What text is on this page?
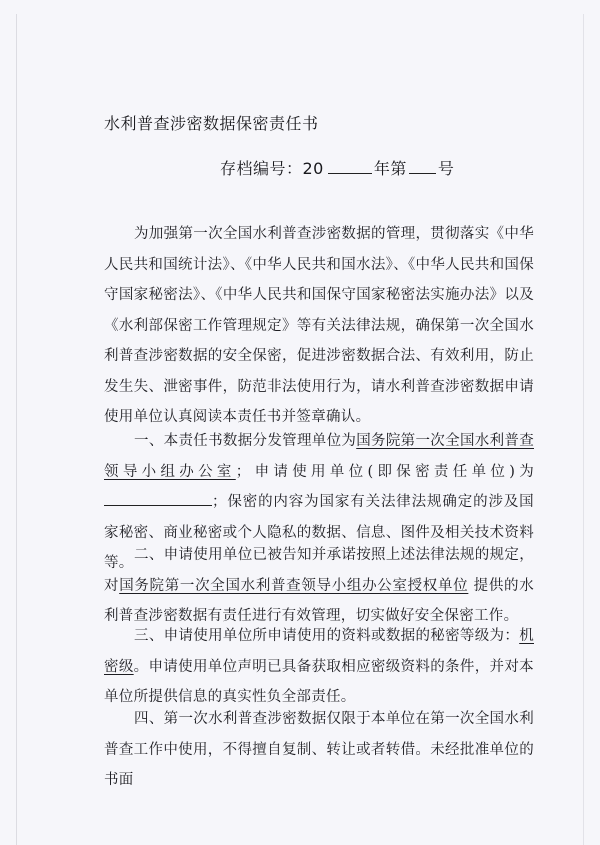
水利普查涉密数据保密责任书
存档编号：20	年第 号
为加强第一次全国水利普查涉密数据的管理，贯彻落实《中华人民共和国统计法》、《中华人民共和国水法》、《中华人民共和国保守国家秘密法》、《中华人民共和国保守国家秘密法实施办法》以及《水利部保密工作管理规定》等有关法律法规，确保第一次全国水利普查涉密数据的安全保密，促进涉密数据合法、有效利用，防止发生失、泄密事件，防范非法使用行为，请水利普查涉密数据申请使用单位认真阅读本责任书并签章确认。
一、本责任书数据分发管理单位为国务院第一次全国水利普查领导小组办公室；申请使用单位(即保密责任单位)为；保密的内容为国家有关法律法规确定的涉及国家秘密、商业秘密或个人隐私的数据、信息、图件及相关技术资料等。 二、申请使用单位已被告知并承诺按照上述法律法规的规定，对国务院第一次全国水利普查领导小组办公室授权单位 提供的水利普查涉密数据有责任进行有效管理，切实做好安全保密工作。
三、申请使用单位所申请使用的资料或数据的秘密等级为：机密级。申请使用单位声明已具备获取相应密级资料的条件，并对本单位所提供信息的真实性负全部责任。
四、第一次水利普查涉密数据仅限于本单位在第一次全国水利普查工作中使用，不得擅自复制、转让或者转借。未经批准单位的书面
